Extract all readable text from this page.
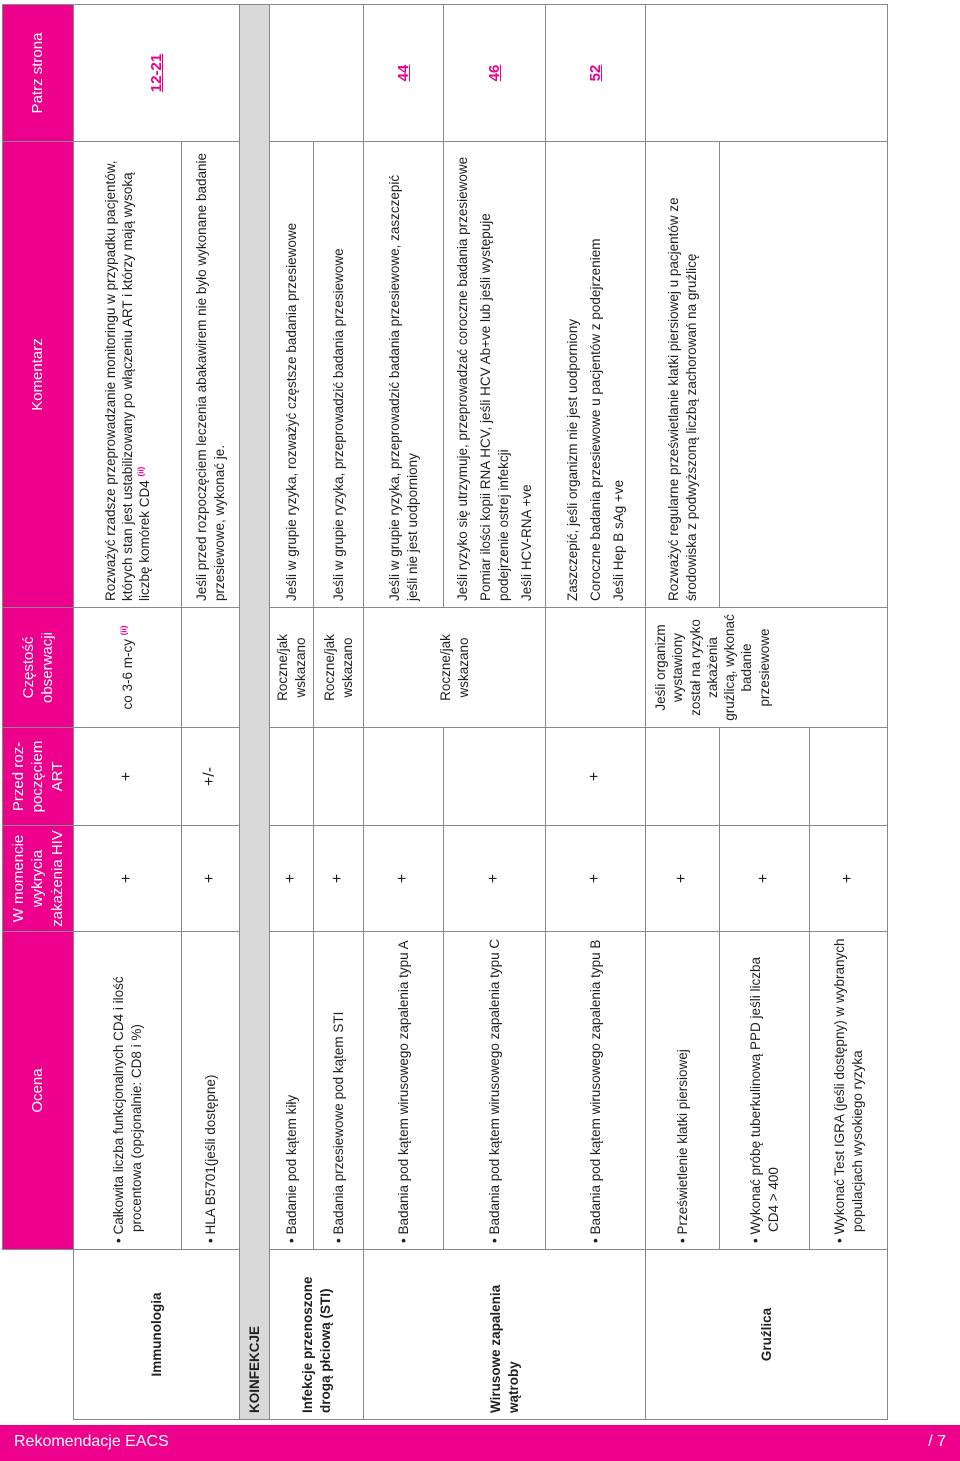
	Ocena	W momencie wykrycia zakażenia HIV	Przed roz-poczęciem ART	Częstość obserwacji	Komentarz	Patrz strona
Immunologia	• Całkowita liczba funkcjonalnych CD4 i ilość procentowa (opcjonalnie: CD8 i %)	+	+	co 3-6 m-cy $^{(ii)}$	Rozważyć rzadsze przeprowadzanie monitoringu w przypadku pacjentów, których stan jest ustabilizowany po włączeniu ART i którzy mają wysoką liczbę komórek CD4 $^{(ii)}$	12-21

	• HLA B5701(jeśli dostępne)	+	+/-		Jeśli przed rozpoczęciem leczenia abakawirem nie było wykonane badanie przesiewowe, wykonać je.	
KOINFEKCJE						
Infekcje przenoszone drogą płciową (STI)	• Badanie pod kątem kiły	+		Roczne/jak wskazano	Jeśli w grupie ryzyka, rozważyć częstsze badania przesiewowe	

	• Badania przesiewowe pod kątem STI	+		Roczne/jak wskazano	Jeśli w grupie ryzyka, przeprowadzić badania przesiewowe	
Wirusowe zapalenia wątroby	• Badania pod kątem wirusowego zapalenia typu A	+		Roczne/jak wskazano	Jeśli w grupie ryzyka, przeprowadzić badania przesiewowe, zaszczepić jeśli nie jest uodporniony	44

	• Badania pod kątem wirusowego zapalenia typu C	+			Jeśli ryzyko się utrzymuje, przeprowadzać coroczne badania przesiewowe Pomiar ilości kopii RNA HCV, jeśli HCV Ab+ve lub jeśli występuje podejrzenie ostrej infekcji Jeśli HCV-RNA +ve	46

	• Badania pod kątem wirusowego zapalenia typu B	+	+		Zaszczepić, jeśli organizm nie jest uodporniony Coroczne badania przesiewowe u pacjentów z podejrzeniem Jeśli Hep B sAg +ve	52
Gruźlica	• Prześwietlenie klatki piersiowej	+		Jeśli organizm wystawiony został na ryzyko zakażenia gruźlicą, wykonać badanie przesiewowe	Rozważyć regularne prześwietlanie klatki piersiowej u pacjentów ze środowiska z podwyższoną liczbą zachorowań na gruźlicę	

	• Wykonać próbę tuberkulinową PPD jeśli liczba CD4 > 400	+				

	• Wykonać Test IGRA (jeśli dostępny) w wybranych populacjach wysokiego ryzyka	+				
Rekomendacje EACS	/ 7
